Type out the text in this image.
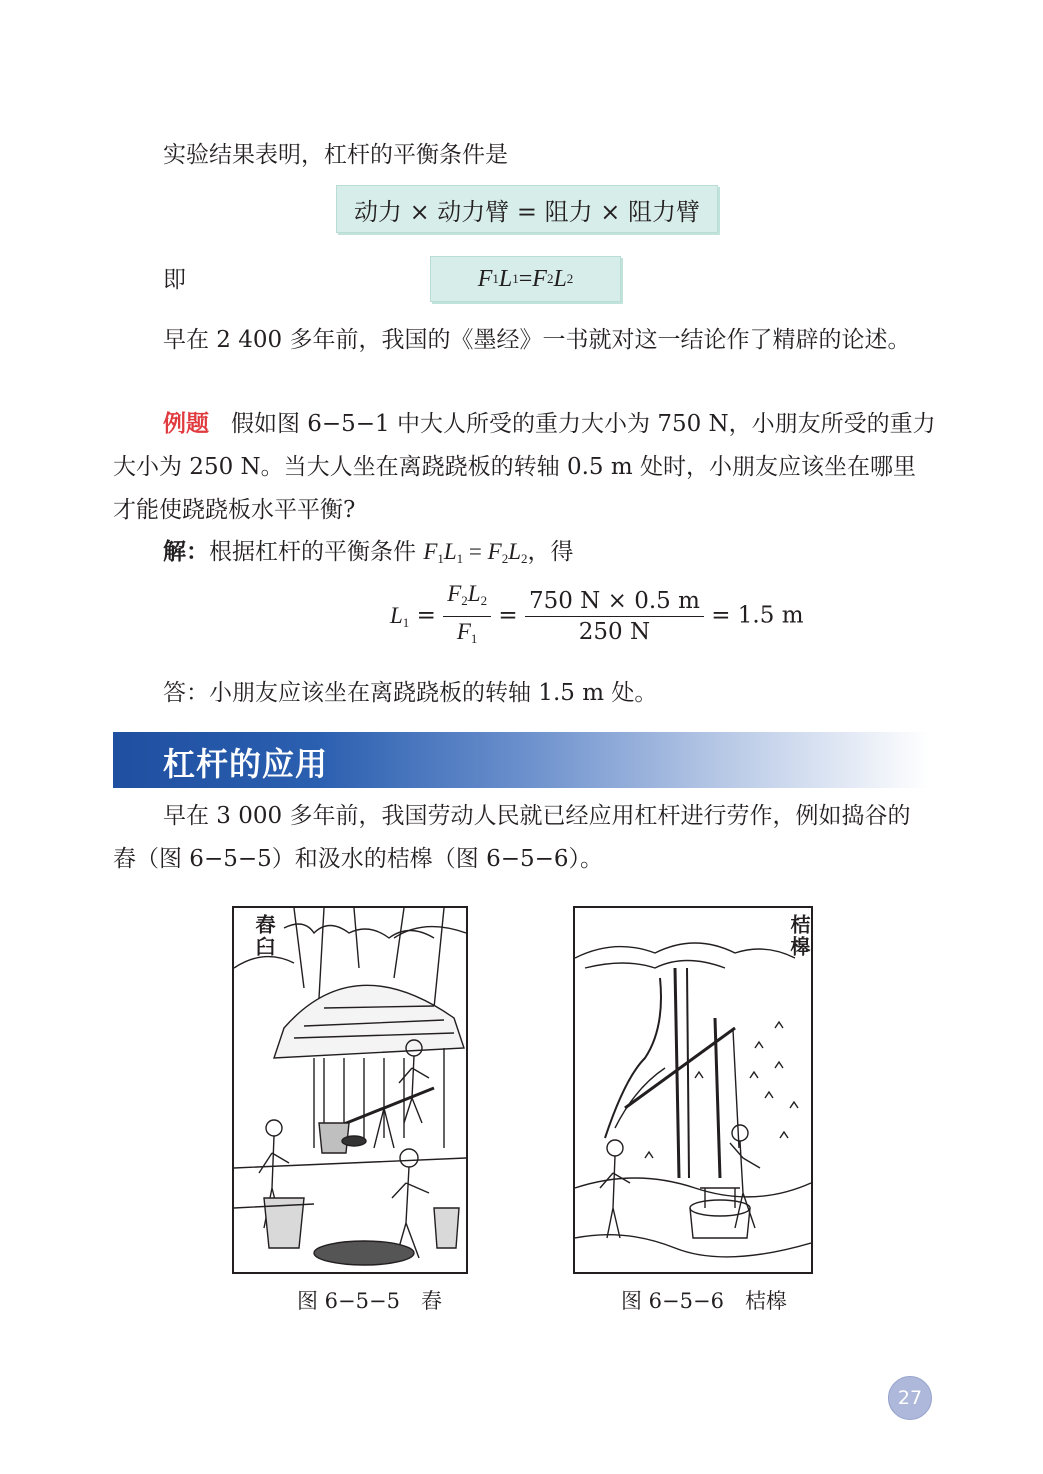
实验结果表明，杠杆的平衡条件是
动力 × 动力臂 = 阻力 × 阻力臂
即	F 1 L 1 = F 2 L 2
早在 2 400 多年前，我国的《墨经》一书就对这一结论作了精辟的论述。
例题 假如图 6−5−1 中大人所受的重力大小为 750 N，小朋友所受的重力
大小为 250 N。当大人坐在离跷跷板的转轴 0.5 m 处时，小朋友应该坐在哪里
才能使跷跷板水平平衡?
解：根据杠杆的平衡条件 $F_1L_1 = F_2L_2$，得
$L_1 = \frac{F_2L_2}{F_1} = \frac{750 N \times 0.5 m}{250 N} = 1.5$ m
答：小朋友应该坐在离跷跷板的转轴 1.5 m 处。
杠杆的应用
早在 3 000 多年前，我国劳动人民就已经应用杠杆进行劳作，例如捣谷的
舂（图 6−5−5）和汲水的桔槔（图 6−5−6）。
舂臼
图 6−5−5　舂
桔槔
图 6−5−6　桔槔
27
